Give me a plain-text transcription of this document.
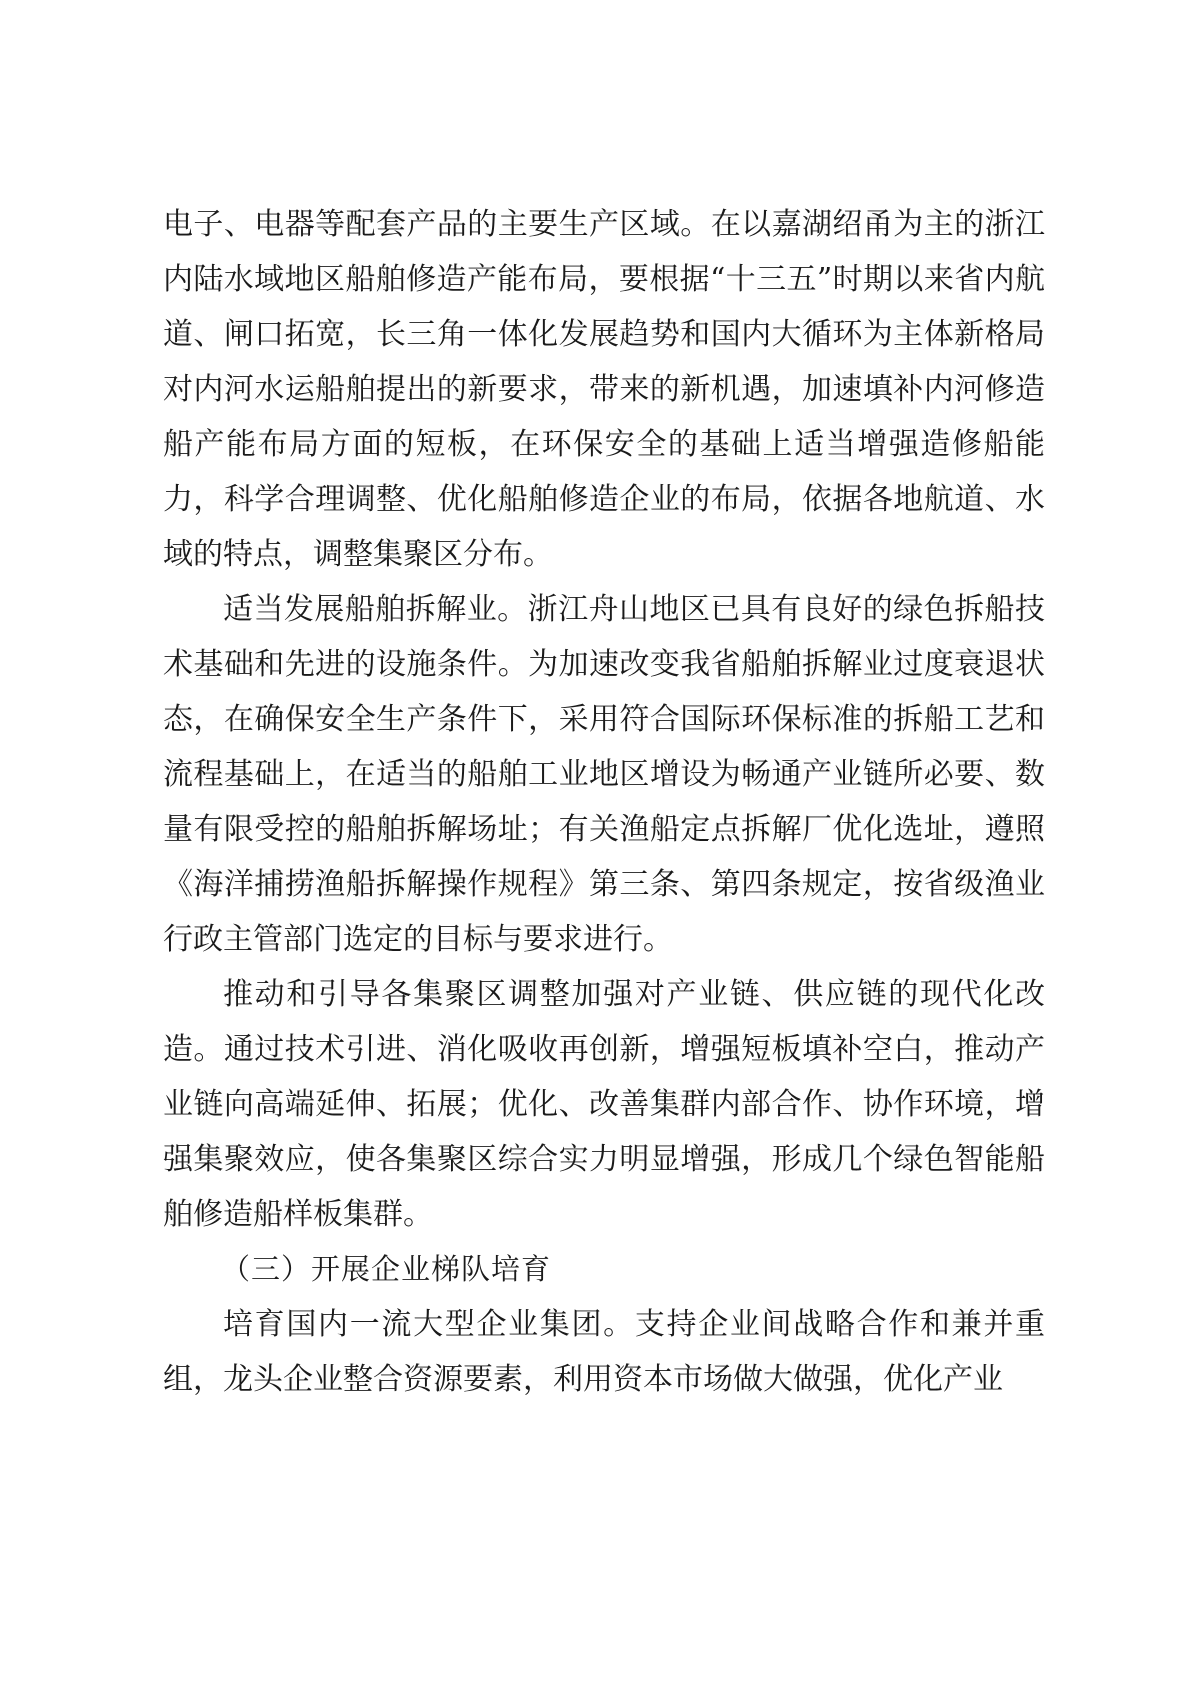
电子、电器等配套产品的主要生产区域。在以嘉湖绍甬为主的浙江内陆水域地区船舶修造产能布局，要根据“十三五”时期以来省内航道、闸口拓宽，长三角一体化发展趋势和国内大循环为主体新格局对内河水运船舶提出的新要求，带来的新机遇，加速填补内河修造船产能布局方面的短板，在环保安全的基础上适当增强造修船能力，科学合理调整、优化船舶修造企业的布局，依据各地航道、水域的特点，调整集聚区分布。

适当发展船舶拆解业。浙江舟山地区已具有良好的绿色拆船技术基础和先进的设施条件。为加速改变我省船舶拆解业过度衰退状态，在确保安全生产条件下，采用符合国际环保标准的拆船工艺和流程基础上，在适当的船舶工业地区增设为畅通产业链所必要、数量有限受控的船舶拆解场址；有关渔船定点拆解厂优化选址，遵照《海洋捕捞渔船拆解操作规程》第三条、第四条规定，按省级渔业行政主管部门选定的目标与要求进行。

推动和引导各集聚区调整加强对产业链、供应链的现代化改造。通过技术引进、消化吸收再创新，增强短板填补空白，推动产业链向高端延伸、拓展；优化、改善集群内部合作、协作环境，增强集聚效应，使各集聚区综合实力明显增强，形成几个绿色智能船舶修造船样板集群。

（三）开展企业梯队培育

培育国内一流大型企业集团。支持企业间战略合作和兼并重组，龙头企业整合资源要素，利用资本市场做大做强，优化产业
